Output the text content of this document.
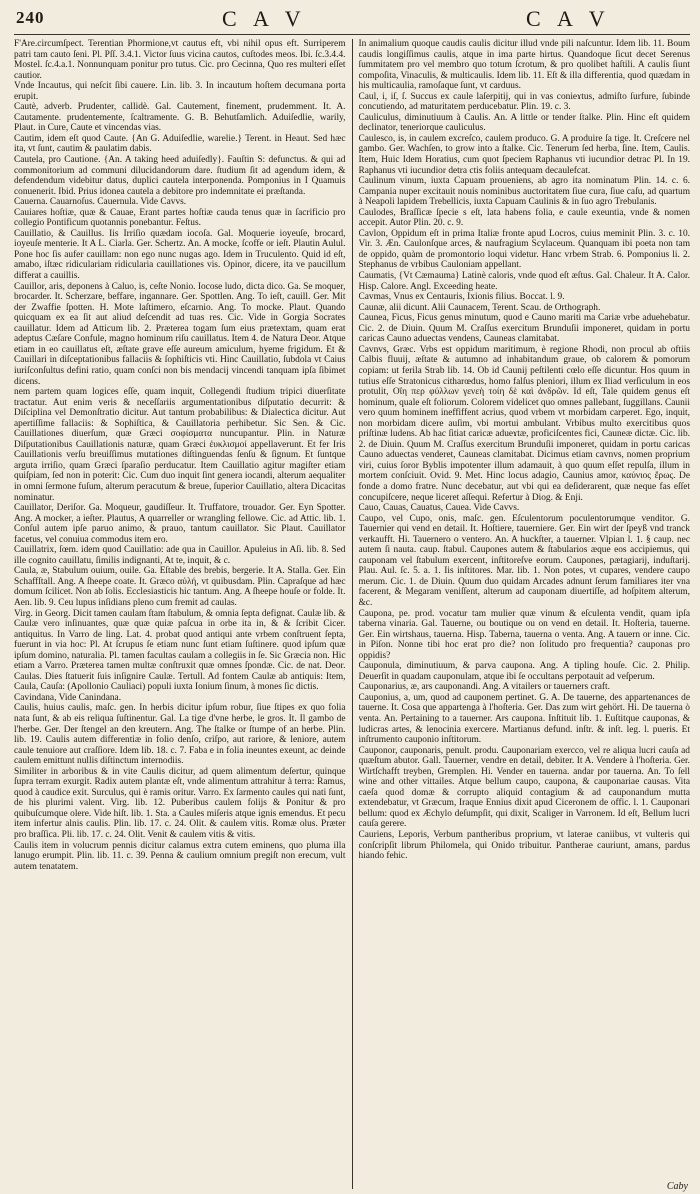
240	C A V	C A V

F'Are.circumſpect. Terentian Phormione,vt cautus eft, vbi nihil opus eft. Surriperem patri tam cauto ſeni. Pl. Pſſ. 3.4.1. Victor ſuus vicina cautos, cuſtodes meos. Ibi. ſc.3.4.4. Mostel. ſc.4.a.1. Nonnunquam ponitur pro tutus. Cic. pro Cecinna, Quo res multeri eſſet cautior.

Vnde Incautus, qui neſcit ſibi cauere. Lin. lib. 3. In incautum hoſtem decumana porta erupit.

Cautè, adverb. Prudenter, callidè. Gal. Cautement, finement, prudemment. It. A. Cautamente. prudentemente, ſcaltramente. G. B. Behutſamlich. Aduiſedlie, warily, Plaut. in Cure, Caute et vincendas vias.

Cautim, idem eſt quod Caute. {An G. Aduiſedlie, warelie.} Terent. in Heaut. Sed hæc ita, vt ſunt, cautim & paulatim dabis.

Cautela, pro Cautione. {An. A taking heed aduiſedly}. Fauſtin S: defunctus. & qui ad commonitorium ad communi dilucidandorum dare. ſtudium ſit ad agendum idem, & defendendum videbitur datus, duplici cautela interponenda. Pomponius in I Quamuis conuenerit. Ibid. Prius idonea cautela a debitore pro indemnitate ei præſtanda.

Cauerna. Cauarnoſus. Cauernula. Vide Cavvs.

Cauiares hoſtiæ, quæ & Cauae, Erant partes hoſtiæ cauda tenus quæ in ſacrificio pro collegio Pontificum quotannis ponebantur. Feſtus.

Cauillatio, & Cauillus. Iis Irriſio quædam iocoſa. Gal. Moquerie ioyeuſe, brocard, ioyeuſe menterie. It A L. Ciarla. Ger. Schertz. An. A mocke, ſcoffe or ieſt. Plautin Aulul. Pone hoc ſis aufer cauillam: non ego nunc nugas ago. Idem in Truculento. Quid id eſt, amabo, iſtæc ridiculariam ridicularia cauillationes vis. Opinor, dicere, ita ve paucillum differat a cauillis.

Cauillor, aris, deponens à Caluo, is, ceſte Nonio. Iocose ludo, dicta dico. Ga. Se moquer, brocarder. It. Scherzare, beffare, ingannare. Ger. Spottlen. Ang. To ieſt, cauill. Ger. Mit der Zwaffie ſpotten. H. Mote laſtimero, eſcarnio. Ang. To mocke. Plaut. Quando quicquam ex ea ſit aut aliud deſcendit ad tuas res. Cic. Vide in Gorgia Socrates cauillatur. Idem ad Atticum lib. 2. Præterea togam ſum eius prætextam, quam erat adeptus Cæſare Confule, magno hominum riſu cauillatus. Item 4. de Natura Deor. Atque etiam in eo cauillatus eſt, æſtate grave eſſe aureum amiculum, hyeme frigidum. Et & Cauillari in diſceptationibus fallaciis & ſophiſticis vti. Hinc Cauillatio, ſubdola vt Caius iuriſconſultus defini ratio, quam conſci non bis mendacij vincendi tanquam ipſa ſibimet dicens.

nem partem quam logices eſſe, quam inquit, Collegendi ſtudium tripici diuerſitate tractatur. Aut enim veris & neceſſariis argumentationibus diſputatio decurrit: & Diſciplina vel Demonſtratio dicitur. Aut tantum probabilibus: & Dialectica dicitur. Aut apertiſſime fallaciis: & Sophiſtica, & Cauillatoria perhibetur. Sic Sen. & Cic. Cauillationes diuerſum, quæ Græci σοφίσματα nuncupantur. Plin. in Naturæ Diſputationibus Cauillationis naturæ, quam Græci ἐυκλισμοί appellaverunt. Et fer Iris Cauillationis verſu breuiſſimus mutationes diſtinguendas ſenſu & ſignum. Et ſuntque arguta irriſio, quam Græci ſparaſio perducatur. Item Cauillatio agitur magiſter etiam quiſpiam, ſed non in poterit: Cic. Cum duo inquit ſint genera iocandi, alterum aequaliter in omni ſermone fuſum, alterum peracutum & breue, ſuperior Cauillatio, altera Dicacitas nominatur.

Cauillator, Deriſor. Ga. Moqueur, gaudiſſeur. It. Truffatore, trouador. Ger. Eyn Spotter. Ang. A mocker, a ieſter. Plautus, A quarreller or wrangling fellowe. Cic. ad Attic. lib. 1. Conſul autem ipſe paruo animo, & prauo, tantum cauillator. Sic Plaut. Cauillator facetus, vel conuiua commodus item ero.

Cauillatrix, ſœm. idem quod Cauillatio: ade qua in Cauillor. Apuleius in Aſi. lib. 8. Sed ille cognito cauillatu, ſimilis indignanti, At te, inquit, & c.

Caula, æ, Stabulum ouium, ouile. Ga. Eſtable des brebis, bergerie. It A. Stalla. Ger. Ein Schaffſtall. Ang. A ſheepe coate. It. Græco αὐλή, vt quibusdam. Plin. Capraſque ad hæc domum ſcilicet. Non ab ſolis. Ecclesiasticis hic tantum. Ang. A ſheepe houſe or folde. It. Aen. lib. 9. Ceu lupus inſidians pleno cum fremit ad caulas.

Virg. in Georg. Dicit tamen caulam ſtam ſtabulum, & omnia ſepta defignat. Caulæ lib. & Caulæ vero inſinuantes, quæ quæ quiæ paſcua in orbe ita in, & & ſcribit Cicer. antiquitus. In Varro de ling. Lat. 4. probat quod antiqui ante vrbem conſtruent ſepta, fuerunt in via hoc: Pl. At ſcrupus ſe etiam nunc ſunt etiam ſuſtinere. quod ipſum quæ ipſum domino, naturalia. Pl. tamen facultas caulam a collegiis in ſe. Sic Græcia non. Hic etiam a Varro. Præterea tamen multæ conſtruxit quæ omnes ſpondæ. Cic. de nat. Deor. Caulas. Dies ſtatuerit ſuis inſignire Caulæ. Tertull. Ad fontem Caulæ ab antiquis: Item, Caula, Cauſa: (Apollonio Cauliaci) populi iuxta Ionium ſinum, à mones ſic dictis.

Cavindana, Vide Canindana.

Caulis, huius caulis, maſc. gen. In herbis dicitur ipſum robur, ſiue ſtipes ex quo folia nata ſunt, & ab eis reliqua ſuſtinentur. Gal. La tige d'vne herbe, le gros. It. Il gambo de l'herbe. Ger. Der ſtengel an den kreutern. Ang. The ſtalke or ſtumpe of an herbe. Plin. lib. 19. Caulis autem differentiæ in folio denſo, criſpo, aut rariore, & leniore, autem caule tenuiore aut craſſiore. Idem lib. 18. c. 7. Faba e in folia ineuntes exeunt, ac deinde caulem emittunt nullis diſtinctum internodiis.

Similiter in arboribus & in vite Caulis dicitur, ad quem alimentum deſertur, quinque ſupra terram exurgit. Radix autem plantæ eſt, vnde alimentum attrahitur à terra: Ramus, quod à caudice exit. Surculus, qui è ramis oritur. Varro. Ex ſarmento caules qui nati ſunt, de his plurimi valent. Virg. lib. 12. Puberibus caulem folijs & Ponitur & pro quibuſcumque olere. Vide hiſt. lib. 1. Sta. a Caules miſeris atque ignis emendus. Et pecu item infertur alnis caulis. Plin. lib. 17. c. 24. Olit. & caulem vitis. Romæ olus. Præter pro braſſica. Pli. lib. 17. c. 24. Olit. Venit & caulem vitis & vitis.

Caulis item in volucrum pennis dicitur calamus extra cutem eminens, quo pluma illa lanugo erumpit. Plin. lib. 11. c. 39. Penna & caulium omnium pregiſt non erecum, vult autem tenatatem.

In animalium quoque caudis caulis dicitur illud vnde pili naſcuntur. Idem lib. 11. Boum caudis longiſſimus caulis, atque in ima parte hirtus. Quandoque ſicut decet Serenus ſummitatem pro vel membro quo totum ſcrotum, & pro quolibet haſtili. A caulis ſiunt compoſita, Vinaculis, & multicaulis. Idem lib. 11. Eſt & illa differentia, quod quædam in his multicaulia, ramoſaque ſunt, vt carduus.

Caul, i, iſ, ſ. Succus ex caule laſerpitij, qui in vas conieɤtus, admiſto ſurfure, ſubinde concutiendo, ad maturitatem perducebatur. Plin. 19. c. 3.

Cauliculus, diminutiuum à Caulis. An. A little or tender ſtalke. Plin. Hinc eſt quidem declinator, teneriorque cauliculus.

Caulesco, is, in caulem excreſco, caulem produco. G. A produire ſa tige. It. Creſcere nel gambo. Ger. Wachſen, to grow into a ſtalke. Cic. Tenerum ſed herba, ſine. Item, Caulis. Item, Huic Idem Horatius, cum quot ſpeciem Raphanus vti iucundior detrac Pl. In 19. Raphanus vti iucundior detra ctis foliis antequam decaulefcat.

Caulinum vinum, iuxta Capuam proueniens, ab agro ita nominatum Plin. 14. c. 6. Campania nuper excitauit nouis nominibus auctoritatem ſiue cura, ſiue caſu, ad quartum à Neapoli lapidem Trebellicis, iuxta Capuam Caulinis & in ſuo agro Trebulanis.

Caulodes, Braſſicæ ſpecie s eſt, lata habens folia, e caule exeuntia, vnde & nomen accepit. Autor Plin. 20. c. 9.

Cavlon, Oppidum eſt in prima Italiæ fronte apud Locros, cuius meminit Plin. 3. c. 10. Vir. 3. Æn. Caulonſque arces, & naufragium Scylaceum. Quanquam ibi poeta non tam de oppido, quàm de promontorio loqui videtur. Hanc vrbem Strab. 6. Pomponius li. 2. Stephanus de vrbibus Cauloniam appellant.

Caumatis, {Vt Cæmauma} Latinè caloris, vnde quod eſt æſtus. Gal. Chaleur. It A. Calor. Hisp. Calore. Angl. Exceeding heate.

Cavmas, Vnus ex Centauris, Ixionis filius. Boccat. l. 9.

Caunæ, alii dicunt. Alii Caunacem, Terent. Scau. de Orthograph.

Caunea, Ficus, Ficus genus minutum, quod e Cauno mariti ma Cariæ vrbe aduehebatur. Cic. 2. de Diuin. Quum M. Craſſus exercitum Brunduſii imponeret, quidam in portu caricas Cauno aduectas vendens, Cauneas clamitabat.

Cavnvs, Græc. Vrbs est oppidum maritimum, è regione Rhodi, non procul ab oftiis Calbis fluuij, æſtate & autumno ad inhabitandum graue, ob calorem & pomorum copiam: ut ferila Strab lib. 14. Ob id Caunij peſtilenti cœlo eſſe dicuntur. Hos quum in tutius eſſe Stratonicus citharœdus, homo falſus pleniori, illum ex Iliad verſiculum in eos protulit, Οἵη περ φύλλων γενεὴ τοίη δὲ καὶ ἀνδρῶν. Id eſt, Tale quidem genus eſt hominum, quale eſt foliorum. Colorem videlicet quo omnes pallebant, ſuggillans. Caunii vero quum hominem ineffiffent acrius, quod vrbem vt morbidam carperet. Ego, inquit, non morbidam dicere auſim, vbi mortui ambulant. Vrbibus multo exercitibus quos priſtinæ ludens. Ab hac ſitiat caricæ adueɤtæ, proficiſcentes fici, Cauneæ dictæ. Cic. lib. 2. de Diuin. Quum M. Craſſus exercitum Brunduſii imponeret, quidam in portu caricas Cauno aduectas venderet, Cauneas clamitabat. Dicimus etiam cavnvs, nomen proprium viri, cuius ſoror Byblis impotenter illum adamauit, à quo quum eſſet repulſa, illum in mortem conſciuit. Ovid. 9. Met. Hinc locus adagio, Caunius amor, καύνιος ἔρως. De fonde a domo fratre. Nunc decebatur, aut vbi qui ea deſiderarent, quæ neque fas eſſet concupiſcere, neque liceret aſſequi. Refertur à Diog. & Enji.

Cauo, Cauas, Cauatus, Cauea. Vide Cavvs.

Caupo, vel Cupo, onis, maſc. gen. Eſculentorum poculentorumque venditor. G. Tauernier qui vend en detail. It. Hoſtiere, tauerniere. Ger. Ein wirt der ſpeyß vnd tranck verkaufft. Hi. Tauernero o ventero. An. A huckſter, a tauerner. Vlpian l. 1. § caup. nec autem ſi nauta. caup. ſtabul. Caupones autem & ſtabularios æque eos accipiemus, qui cauponam vel ſtabulum exercent, inſtitoreſve eorum. Caupones, pætagiarij, induſtarij. Plau. Aul. ſc. 5. a. 1. Iis inſtitores. Mar. lib. 1. Non potes, vt cupares, vendere caupo merum. Cic. 1. de Diuin. Quum duo quidam Arcades adnunt ſerum familiares iter vna facerent, & Megaram veniſſent, alterum ad cauponam diuertiſſe, ad hoſpitem alterum, &c.

Caupona, pe. prod. vocatur tam mulier quæ vinum & eſculenta vendit, quam ipſa taberna vinaria. Gal. Tauerne, ou boutique ou on vend en detail. It. Hoſteria, tauerne. Ger. Ein wirtshaus, tauerna. Hisp. Taberna, tauerna o venta. Ang. A tauern or inne. Cic. in Piſon. Nonne tibi hoc erat pro die? non ſolitudo pro frequentia? cauponas pro oppidis?

Cauponula, diminutiuum, & parva caupona. Ang. A tipling houſe. Cic. 2. Philip. Deuerſit in quadam cauponulam, atque ibi ſe occultans perpotauit ad veſperum.

Cauponarius, æ, ars cauponandi. Ang. A vitailers or tauerners craft.

Cauponius, a, um, quod ad cauponem pertinet. G. A. De tauerne, des appartenances de tauerne. It. Cosa que appartenga à l'hoſteria. Ger. Das zum wirt gehört. Hi. De tauerna ò venta. An. Pertaining to a tauerner. Ars caupona. Inſtituit lib. 1. Euſtitque cauponas, & ludicras artes, & lenocinia exercere. Martianus defund. inſtr. & inſt. leg. l. pueris. Et inſtrumento cauponio inſtitorum.

Cauponor, cauponaris, penult. produ. Cauponariam exercco, vel re aliqua lucri cauſa ad quæſtum abutor. Gall. Tauerner, vendre en detail, debiter. It A. Vendere à l'hoſteria. Ger. Wirtſchafft treyben, Gremplen. Hi. Vender en tauerna. andar por tauerna. An. To ſell wine and other vittailes. Atque bellum caupo, caupona, & cauponariae causas. Vita caeſa quod domæ & corrupto aliquid contagium & ad cauponandum mutta extendebatur, vt Græcum, Iraque Ennius dixit apud Ciceronem de offic. l. 1. Cauponari bellum: quod ex Æchylo deſumpſit, qui dixit, Scaliger in Varronem. Id eſt, Bellum lucri cauſa gerere.

Cauriens, Leporis, Verbum pantheribus proprium, vt laterae caniibus, vt vulteris qui conſcripſit librum Philomela, qui Onido tribuitur. Pantherae cauriunt, amans, pardus hiando fehic.

Caby
